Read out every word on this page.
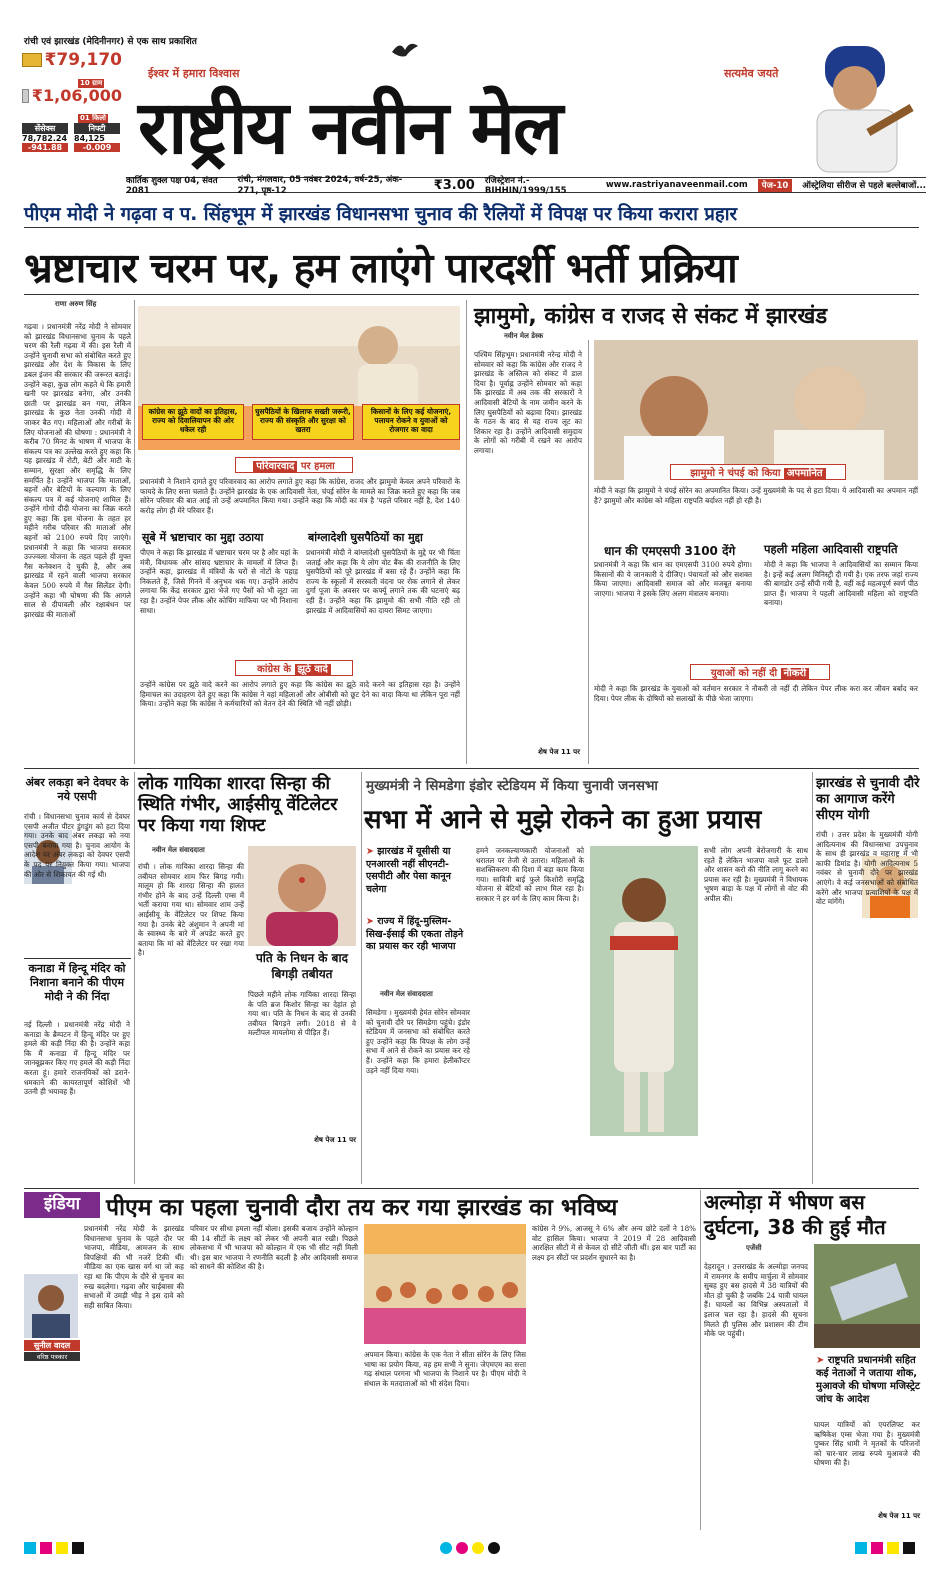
रांची एवं झारखंड (मेदिनीनगर) से एक साथ प्रकाशित
₹79,170
10 ग्राम
₹1,06,000
01 किलो
सेंसेक्स
78,782.24
-941.88
निफ्टी
84,125
-0.009
ईश्वर में हमारा विश्वास
राष्ट्रीय नवीन मेल
सत्यमेव जयते
कार्तिक शुक्ल पक्ष 04, संवत 2081
रांची, मंगलवार, 05 नवंबर 2024, वर्ष-25, अंक- 271, पृष्ठ-12	₹3.00 रजिस्ट्रेशन नं.- BIHHIN/1999/155
www.rastriyanaveenmail.com	पेज-10	ऑस्ट्रेलिया सीरीज से पहले बल्लेबाजों...
पीएम मोदी ने गढ़वा व प. सिंहभूम में झारखंड विधानसभा चुनाव की रैलियों में विपक्ष पर किया करारा प्रहार
भ्रष्टाचार चरम पर, हम लाएंगे पारदर्शी भर्ती प्रक्रिया
राणा अरुण सिंह
गढ़वा । प्रधानमंत्री नरेंद्र मोदी ने सोमवार को झारखंड विधानसभा चुनाव के पहले चरण की रैली गढ़वा में की। इस रैली में उन्होंने चुनावी सभा को संबोधित करते हुए झारखंड और देश के विकास के लिए डबल इंजन की सरकार की जरूरत बताई। उन्होंने कहा, कुछ लोग कहते थे कि हमारी खनी पर झारखंड बनेगा, और उनकी छाती पर झारखंड बन गया, लेकिन झारखंड के कुछ नेता उनकी गोदी में जाकर बैठ गए। महिलाओं और गरीबों के लिए योजनाओं की घोषणा : प्रधानमंत्री ने करीब 70 मिनट के भाषण में भाजपा के संकल्प पत्र का उल्लेख करते हुए कहा कि यह झारखंड में रोटी, बेटी और माटी के सम्मान, सुरक्षा और समृद्धि के लिए समर्पित है। उन्होंने भाजपा कि माताओं, बहनों और बेटियों के कल्याण के लिए संकल्प पत्र में कई योजनाएं शामिल हैं। उन्होंने गोगो दीदी योजना का जिक्र करते हुए कहा कि इस योजना के तहत हर महीने गरीब परिवार की माताओं और बहनों को 2100 रुपये दिए जाएंगे। प्रधानमंत्री ने कहा कि भाजपा सरकार उज्ज्वला योजना के तहत पहले ही मुफ्त गैस कनेक्शन दे चुकी है, और अब झारखंड में रहने वाली भाजपा सरकार केवल 500 रुपये में गैस सिलेंडर देगी। उन्होंने कहा भी घोषणा की कि आगले साल से दीपावली और रक्षाबंधन पर झारखंड की माताओं
कांग्रेस का झूठे वादों का इतिहास, राज्य को दिवालियापन की ओर धकेल रही
घुसपैठियों के खिलाफ सख्ती जरूरी, राज्य की संस्कृति और सुरक्षा को खतरा
किसानों के लिए कई योजनाएं, पलायन रोकने व युवाओं को रोजगार का वादा
परिवारवाद पर हमला
प्रधानमंत्री ने निशाने दागते हुए परिवारवाद का आरोप लगाते हुए कहा कि कांग्रेस, राजद और झामुमो केवल अपने परिवारों के फायदे के लिए सत्ता चलाते हैं। उन्होंने झारखंड के एक आदिवासी नेता, चंपई सोरेन के मामले का जिक्र करते हुए कहा कि जब सोरेन परिवार की बात आई तो उन्हें अपमानित किया गया। उन्होंने कहा कि मोदी का मंत्र है 'पहले परिवार नहीं है, देश 140 करोड़ लोग ही मेरे परिवार हैं।
सूबे में भ्रष्टाचार का मुद्दा उठाया
पीएम ने कहा कि झारखंड में भ्रष्टाचार चरम पर है और यहां के मंत्री, विधायक और सांसद भ्रष्टाचार के मामलों में लिप्त हैं। उन्होंने कहा, झारखंड में मंत्रियों के घरों से नोटों के पहाड़ निकलते हैं, जिसे गिनने में अनुभव थक गए। उन्होंने आरोप लगाया कि केंद्र सरकार द्वारा भेजे गए पैसों को भी लूटा जा रहा है। उन्होंने पेपर लीक और कोचिंग माफिया पर भी निशाना साधा।
बांग्लादेशी घुसपैठियों का मुद्दा
प्रधानमंत्री मोदी ने बांग्लादेशी घुसपैठियों के मुद्दे पर भी चिंता जताई और कहा कि ये लोग वोट बैंक की राजनीति के लिए घुसपैठियों को पूरे झारखंड में बसा रहे हैं। उन्होंने कहा कि राज्य के स्कूलों में सरस्वती वंदना पर रोक लगाने से लेकर दुर्गा पूजा के अवसर पर कर्फ्यू लगाने तक की घटनाएं बढ़ रही हैं। उन्होंने कहा कि झामुमो की सभी नीति रही तो झारखंड में आदिवासियों का दायरा सिमट जाएगा।
कांग्रेस के झूठे वादे
उन्होंने कांग्रेस पर झूठे वादे करने का आरोप लगाते हुए कहा कि कांग्रेस का झूठे वादे करने का इतिहास रहा है। उन्होंने हिमाचल का उदाहरण देते हुए कहा कि कांग्रेस ने वहां महिलाओं और ओबीसी को छूट देने का वादा किया था लेकिन पूरा नहीं किया। उन्होंने कहा कि कांग्रेस ने कर्मचारियों को वेतन देने की स्थिति भी नहीं छोड़ी।
झामुमो, कांग्रेस व राजद से संकट में झारखंड
नवीन मेल डेस्क
पश्चिम सिंहभूम। प्रधानमंत्री नरेन्द्र मोदी ने सोमवार को कहा कि कांग्रेस और राजद ने झारखंड के अस्तित्व को संकट में डाल दिया है। पूर्वाह्न उन्होंने सोमवार को कहा कि झारखंड में अब तक की सरकारों ने आदिवासी बेटियों के नाम जमीन करने के लिए घुसपैठियों को बढ़ावा दिया। झारखंड के गठन के बाद से यह राज्य लूट का शिकार रहा है। उन्होंने आदिवासी समुदाय के लोगों को गरीबी में रखने का आरोप लगाया।
झामुमो ने चंपई को किया अपमानित
मोदी ने कहा कि झामुमो ने चंपई सोरेन का अपमानित किया। उन्हें मुख्यमंत्री के पद से हटा दिया। ये आदिवासी का अपमान नहीं है? झामुमो और कांग्रेस को महिला राष्ट्रपति बर्दाश्त नहीं हो रही है।
धान की एमएसपी 3100 देंगे
प्रधानमंत्री ने कहा कि धान का एमएसपी 3100 रुपये होगा। किसानों की ये जानकारी दे दीजिए। पंचायतों को और सशक्त किया जाएगा। आदिवासी समाज को और मजबूत बनाया जाएगा। भाजपा ने इसके लिए अलग मंत्रालय बनाया।
पहली महिला आदिवासी राष्ट्रपति
मोदी ने कहा कि भाजपा ने आदिवासियों का सम्मान किया है। इन्हें कई अलग मिनिस्ट्री दी गयी है। एक तरफ जहां राज्य की बागडोर उन्हें सौंपी गयी है, वहीं कई महत्वपूर्ण स्वर्ण पीठ प्राप्त हैं। भाजपा ने पहली आदिवासी महिला को राष्ट्रपति बनाया।
युवाओं को नहीं दी नौकरी
मोदी ने कहा कि झारखंड के युवाओं को वर्तमान सरकार ने नौकरी तो नहीं दी लेकिन पेपर लीक करा कर जीवन बर्बाद कर दिया। पेपर लीक के दोषियों को सलाखों के पीछे भेजा जाएगा।
शेष पेज 11 पर
अंबर लकड़ा बने देवघर के नये एसपी
रांची । विधानसभा चुनाव कार्य से देवघर एसपी अजीत पीटर डुंगडुंग को हटा दिया गया। उनके बाद अंबर लकड़ा को नया एसपी बनाया गया है। चुनाव आयोग के आदेश पर अंबर लकड़ा को देवघर एसपी के पद पर नियुक्त किया गया। भाजपा की ओर से शिकायत की गई थी।
कनाडा में हिन्दू मंदिर को निशाना बनाने की पीएम मोदी ने की निंदा
नई दिल्ली । प्रधानमंत्री नरेंद्र मोदी ने कनाडा के ब्रैम्पटन में हिन्दू मंदिर पर हुए हमले की कड़ी निंदा की है। उन्होंने कहा कि मैं कनाडा में हिन्दू मंदिर पर जानबूझकर किए गए हमले की कड़ी निंदा करता हूं। हमारे राजनयिकों को डराने-धमकाने की कायरतापूर्ण कोशिशें भी उतनी ही भयावह हैं।
लोक गायिका शारदा सिन्हा की स्थिति गंभीर, आईसीयू वेंटिलेटर पर किया गया शिफ्ट
नवीन मेल संवाददाता
रांची । लोक गायिका शारदा सिन्हा की तबीयत सोमवार शाम फिर बिगड़ गयी। मालूम हो कि शारदा सिन्हा की हालत गंभीर होने के बाद उन्हें दिल्ली एम्स में भर्ती कराया गया था। सोमवार शाम उन्हें आईसीयू के वेंटिलेटर पर शिफ्ट किया गया है। उनके बेटे अंशुमान ने अपनी मां के स्वास्थ्य के बारे में अपडेट करते हुए बताया कि मां को वेंटिलेटर पर रखा गया है।	पति के निधन के बाद बिगड़ी तबीयत
पिछले महीने लोक गायिका शारदा सिन्हा के पति ब्रज किशोर सिन्हा का देहांत हो गया था। पति के निधन के बाद से उनकी तबीयत बिगड़ने लगी। 2018 से वे मल्टीपल मायलोमा से पीड़ित हैं।
शेष पेज 11 पर
मुख्यमंत्री ने सिमडेगा इंडोर स्टेडियम में किया चुनावी जनसभा
सभा में आने से मुझे रोकने का हुआ प्रयास
➤ झारखंड में यूसीसी या एनआरसी नहीं सीएनटी-एसपीटी और पेसा कानून चलेगा
➤ राज्य में हिंदू-मुस्लिम-सिख-ईसाई की एकता तोड़ने का प्रयास कर रही भाजपा
नवीन मेल संवाददाता
सिमडेगा । मुख्यमंत्री हेमंत सोरेन सोमवार को चुनावी दौरे पर सिमडेगा पहुंचे। इंडोर स्टेडियम में जनसभा को संबोधित करते हुए उन्होंने कहा कि विपक्ष के लोग उन्हें सभा में आने से रोकने का प्रयास कर रहे हैं। उन्होंने कहा कि हमारा हेलीकॉप्टर उड़ने नहीं दिया गया।
हमने जनकल्याणकारी योजनाओं को धरातल पर तेजी से उतारा। महिलाओं के सशक्तिकरण की दिशा में बड़ा काम किया गया। सावित्री बाई फुले किशोरी समृद्धि योजना से बेटियों को लाभ मिल रहा है। सरकार ने हर वर्ग के लिए काम किया है।
सभी लोग अपनी बेरोजगारी के साथ रहते हैं लेकिन भाजपा वाले फूट डालो और शासन करो की नीति लागू करने का प्रयास कर रही है। मुख्यमंत्री ने विधायक भूषण बाड़ा के पक्ष में लोगों से वोट की अपील की।
झारखंड से चुनावी दौरे का आगाज करेंगे सीएम योगी
रांची । उत्तर प्रदेश के मुख्यमंत्री योगी आदित्यनाथ की विधानसभा उपचुनाव के साथ ही झारखंड व महाराष्ट्र में भी काफी डिमांड है। योगी आदित्यनाथ 5 नवंबर से चुनावी दौरे पर झारखंड आएंगे। वे कई जनसभाओं को संबोधित करेंगे और भाजपा प्रत्याशियों के पक्ष में वोट मांगेंगे।
इंडिया	पीएम का पहला चुनावी दौरा तय कर गया झारखंड का भविष्य
सुनील वादल
वरिष्ठ पत्रकार
प्रधानमंत्री नरेंद्र मोदी के झारखंड विधानसभा चुनाव के पहले दौर पर भाजपा, मीडिया, आमजन के साथ विपक्षियों की भी नजरें टिकी थीं। मीडिया का एक खास वर्ग था जो कह रहा था कि पीएम के दौरे से चुनाव का रुख बदलेगा। गढ़वा और चाईबासा की सभाओं में उमड़ी भीड़ ने इस दावे को सही साबित किया।
परिवार पर सीधा हमला नहीं बोला। इसकी बजाय उन्होंने कोल्हान की 14 सीटों के लक्ष्य को लेकर भी अपनी बात रखी। पिछले लोकसभा में भी भाजपा को कोल्हान में एक भी सीट नहीं मिली थी। इस बार भाजपा ने रणनीति बदली है और आदिवासी समाज को साधने की कोशिश की है।
अपमान किया। कांग्रेस के एक नेता ने सीता सोरेन के लिए जिस भाषा का प्रयोग किया, वह हम सभी ने सुना। जेएमएम का सत्ता गढ़ संथाल परगना भी भाजपा के निशाने पर है। पीएम मोदी ने संथाल के मतदाताओं को भी संदेश दिया।
कांग्रेस ने 9%, आजसू ने 6% और अन्य छोटे दलों ने 18% वोट हासिल किया। भाजपा ने 2019 में 28 आदिवासी आरक्षित सीटों में से केवल दो सीटें जीती थीं। इस बार पार्टी का लक्ष्य इन सीटों पर प्रदर्शन सुधारने का है।
अल्मोड़ा में भीषण बस दुर्घटना, 38 की हुई मौत
एजेंसी
देहरादून । उत्तराखंड के अल्मोड़ा जनपद में रामनगर के समीप मार्चुला में सोमवार सुबह हुए बस हादसे में 38 यात्रियों की मौत हो चुकी है जबकि 24 यात्री घायल हैं। घायलों का विभिन्न अस्पतालों में इलाज चल रहा है। हादसे की सूचना मिलते ही पुलिस और प्रशासन की टीम मौके पर पहुंची।
➤ राष्ट्रपति प्रधानमंत्री सहित कई नेताओं ने जताया शोक, मुआवजे की घोषणा मजिस्ट्रेट जांच के आदेश
घायल यात्रियों को एयरलिफ्ट कर ऋषिकेश एम्स भेजा गया है। मुख्यमंत्री पुष्कर सिंह धामी ने मृतकों के परिजनों को चार-चार लाख रुपये मुआवजे की घोषणा की है।
शेष पेज 11 पर
